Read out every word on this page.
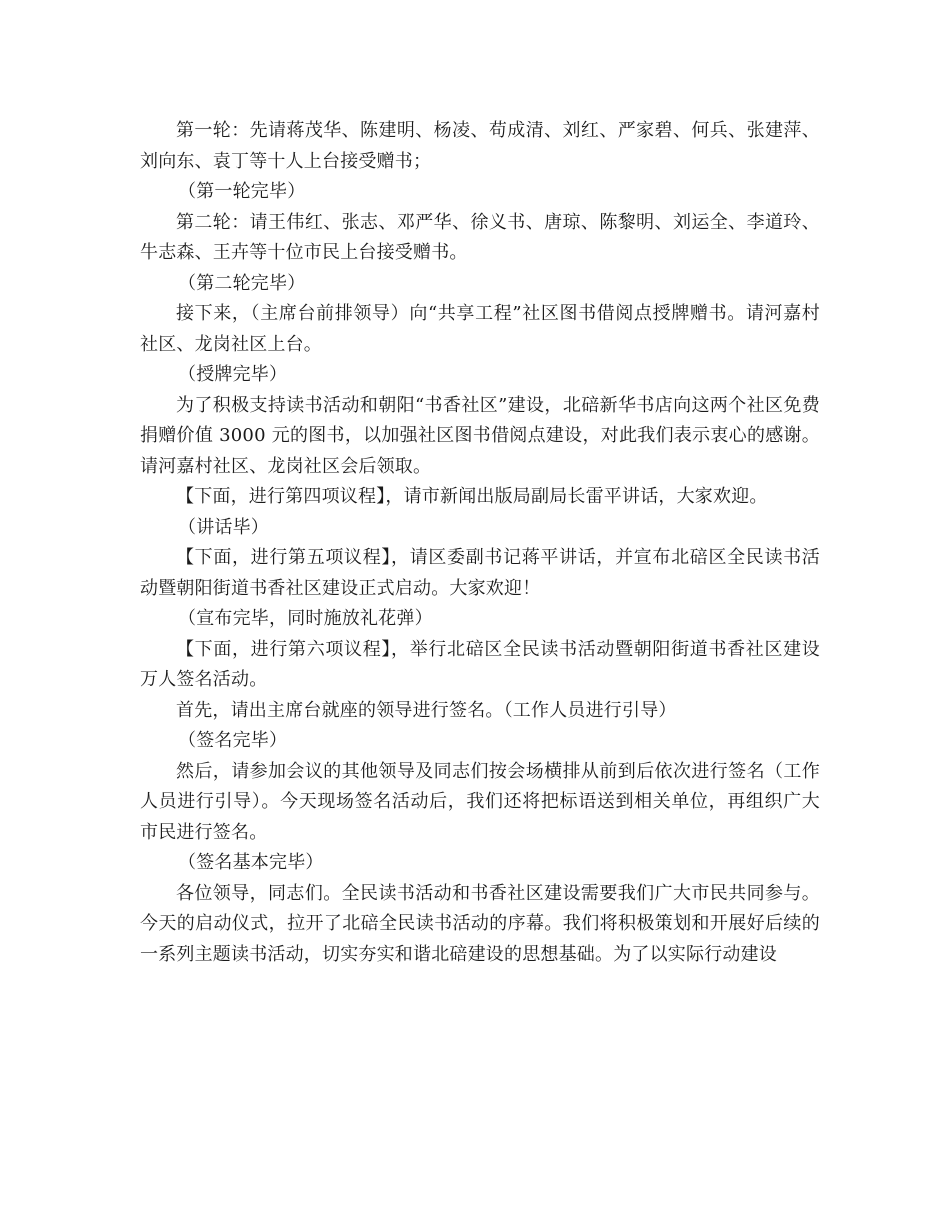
第一轮：先请蒋茂华、陈建明、杨凌、苟成清、刘红、严家碧、何兵、张建萍、刘向东、袁丁等十人上台接受赠书；

（第一轮完毕）

第二轮：请王伟红、张志、邓严华、徐义书、唐琼、陈黎明、刘运全、李道玲、牛志森、王卉等十位市民上台接受赠书。

（第二轮完毕）

接下来，（主席台前排领导）向“共享工程”社区图书借阅点授牌赠书。请河嘉村社区、龙岗社区上台。

（授牌完毕）

为了积极支持读书活动和朝阳“书香社区”建设，北碚新华书店向这两个社区免费捐赠价值 3000 元的图书，以加强社区图书借阅点建设，对此我们表示衷心的感谢。请河嘉村社区、龙岗社区会后领取。

【下面，进行第四项议程】，请市新闻出版局副局长雷平讲话，大家欢迎。

（讲话毕）

【下面，进行第五项议程】，请区委副书记蒋平讲话，并宣布北碚区全民读书活动暨朝阳街道书香社区建设正式启动。大家欢迎！

（宣布完毕，同时施放礼花弹）

【下面，进行第六项议程】，举行北碚区全民读书活动暨朝阳街道书香社区建设万人签名活动。

首先，请出主席台就座的领导进行签名。（工作人员进行引导）

（签名完毕）

然后，请参加会议的其他领导及同志们按会场横排从前到后依次进行签名（工作人员进行引导）。今天现场签名活动后，我们还将把标语送到相关单位，再组织广大市民进行签名。

（签名基本完毕）

各位领导，同志们。全民读书活动和书香社区建设需要我们广大市民共同参与。今天的启动仪式，拉开了北碚全民读书活动的序幕。我们将积极策划和开展好后续的一系列主题读书活动，切实夯实和谐北碚建设的思想基础。为了以实际行动建设
